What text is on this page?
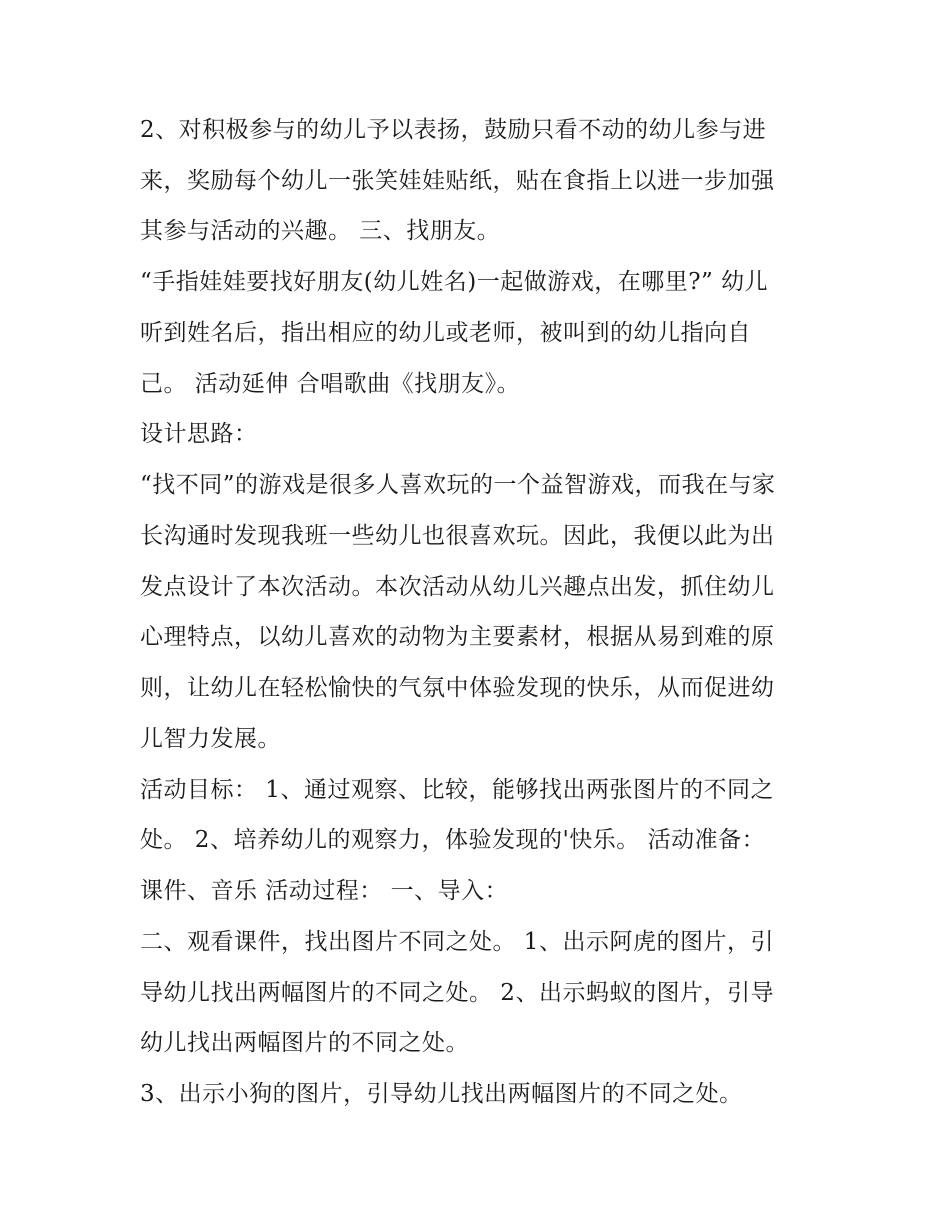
2、对积极参与的幼儿予以表扬，鼓励只看不动的幼儿参与进
来，奖励每个幼儿一张笑娃娃贴纸，贴在食指上以进一步加强
其参与活动的兴趣。 三、找朋友。
“手指娃娃要找好朋友(幼儿姓名)一起做游戏，在哪里?” 幼儿
听到姓名后，指出相应的幼儿或老师，被叫到的幼儿指向自
己。 活动延伸 合唱歌曲《找朋友》。
设计思路：
“找不同”的游戏是很多人喜欢玩的一个益智游戏，而我在与家
长沟通时发现我班一些幼儿也很喜欢玩。因此，我便以此为出
发点设计了本次活动。本次活动从幼儿兴趣点出发，抓住幼儿
心理特点，以幼儿喜欢的动物为主要素材，根据从易到难的原
则，让幼儿在轻松愉快的气氛中体验发现的快乐，从而促进幼
儿智力发展。
活动目标： 1、通过观察、比较，能够找出两张图片的不同之
处。 2、培养幼儿的观察力，体验发现的'快乐。 活动准备：
课件、音乐 活动过程： 一、导入：
二、观看课件，找出图片不同之处。 1、出示阿虎的图片，引
导幼儿找出两幅图片的不同之处。 2、出示蚂蚁的图片，引导
幼儿找出两幅图片的不同之处。
3、出示小狗的图片，引导幼儿找出两幅图片的不同之处。
